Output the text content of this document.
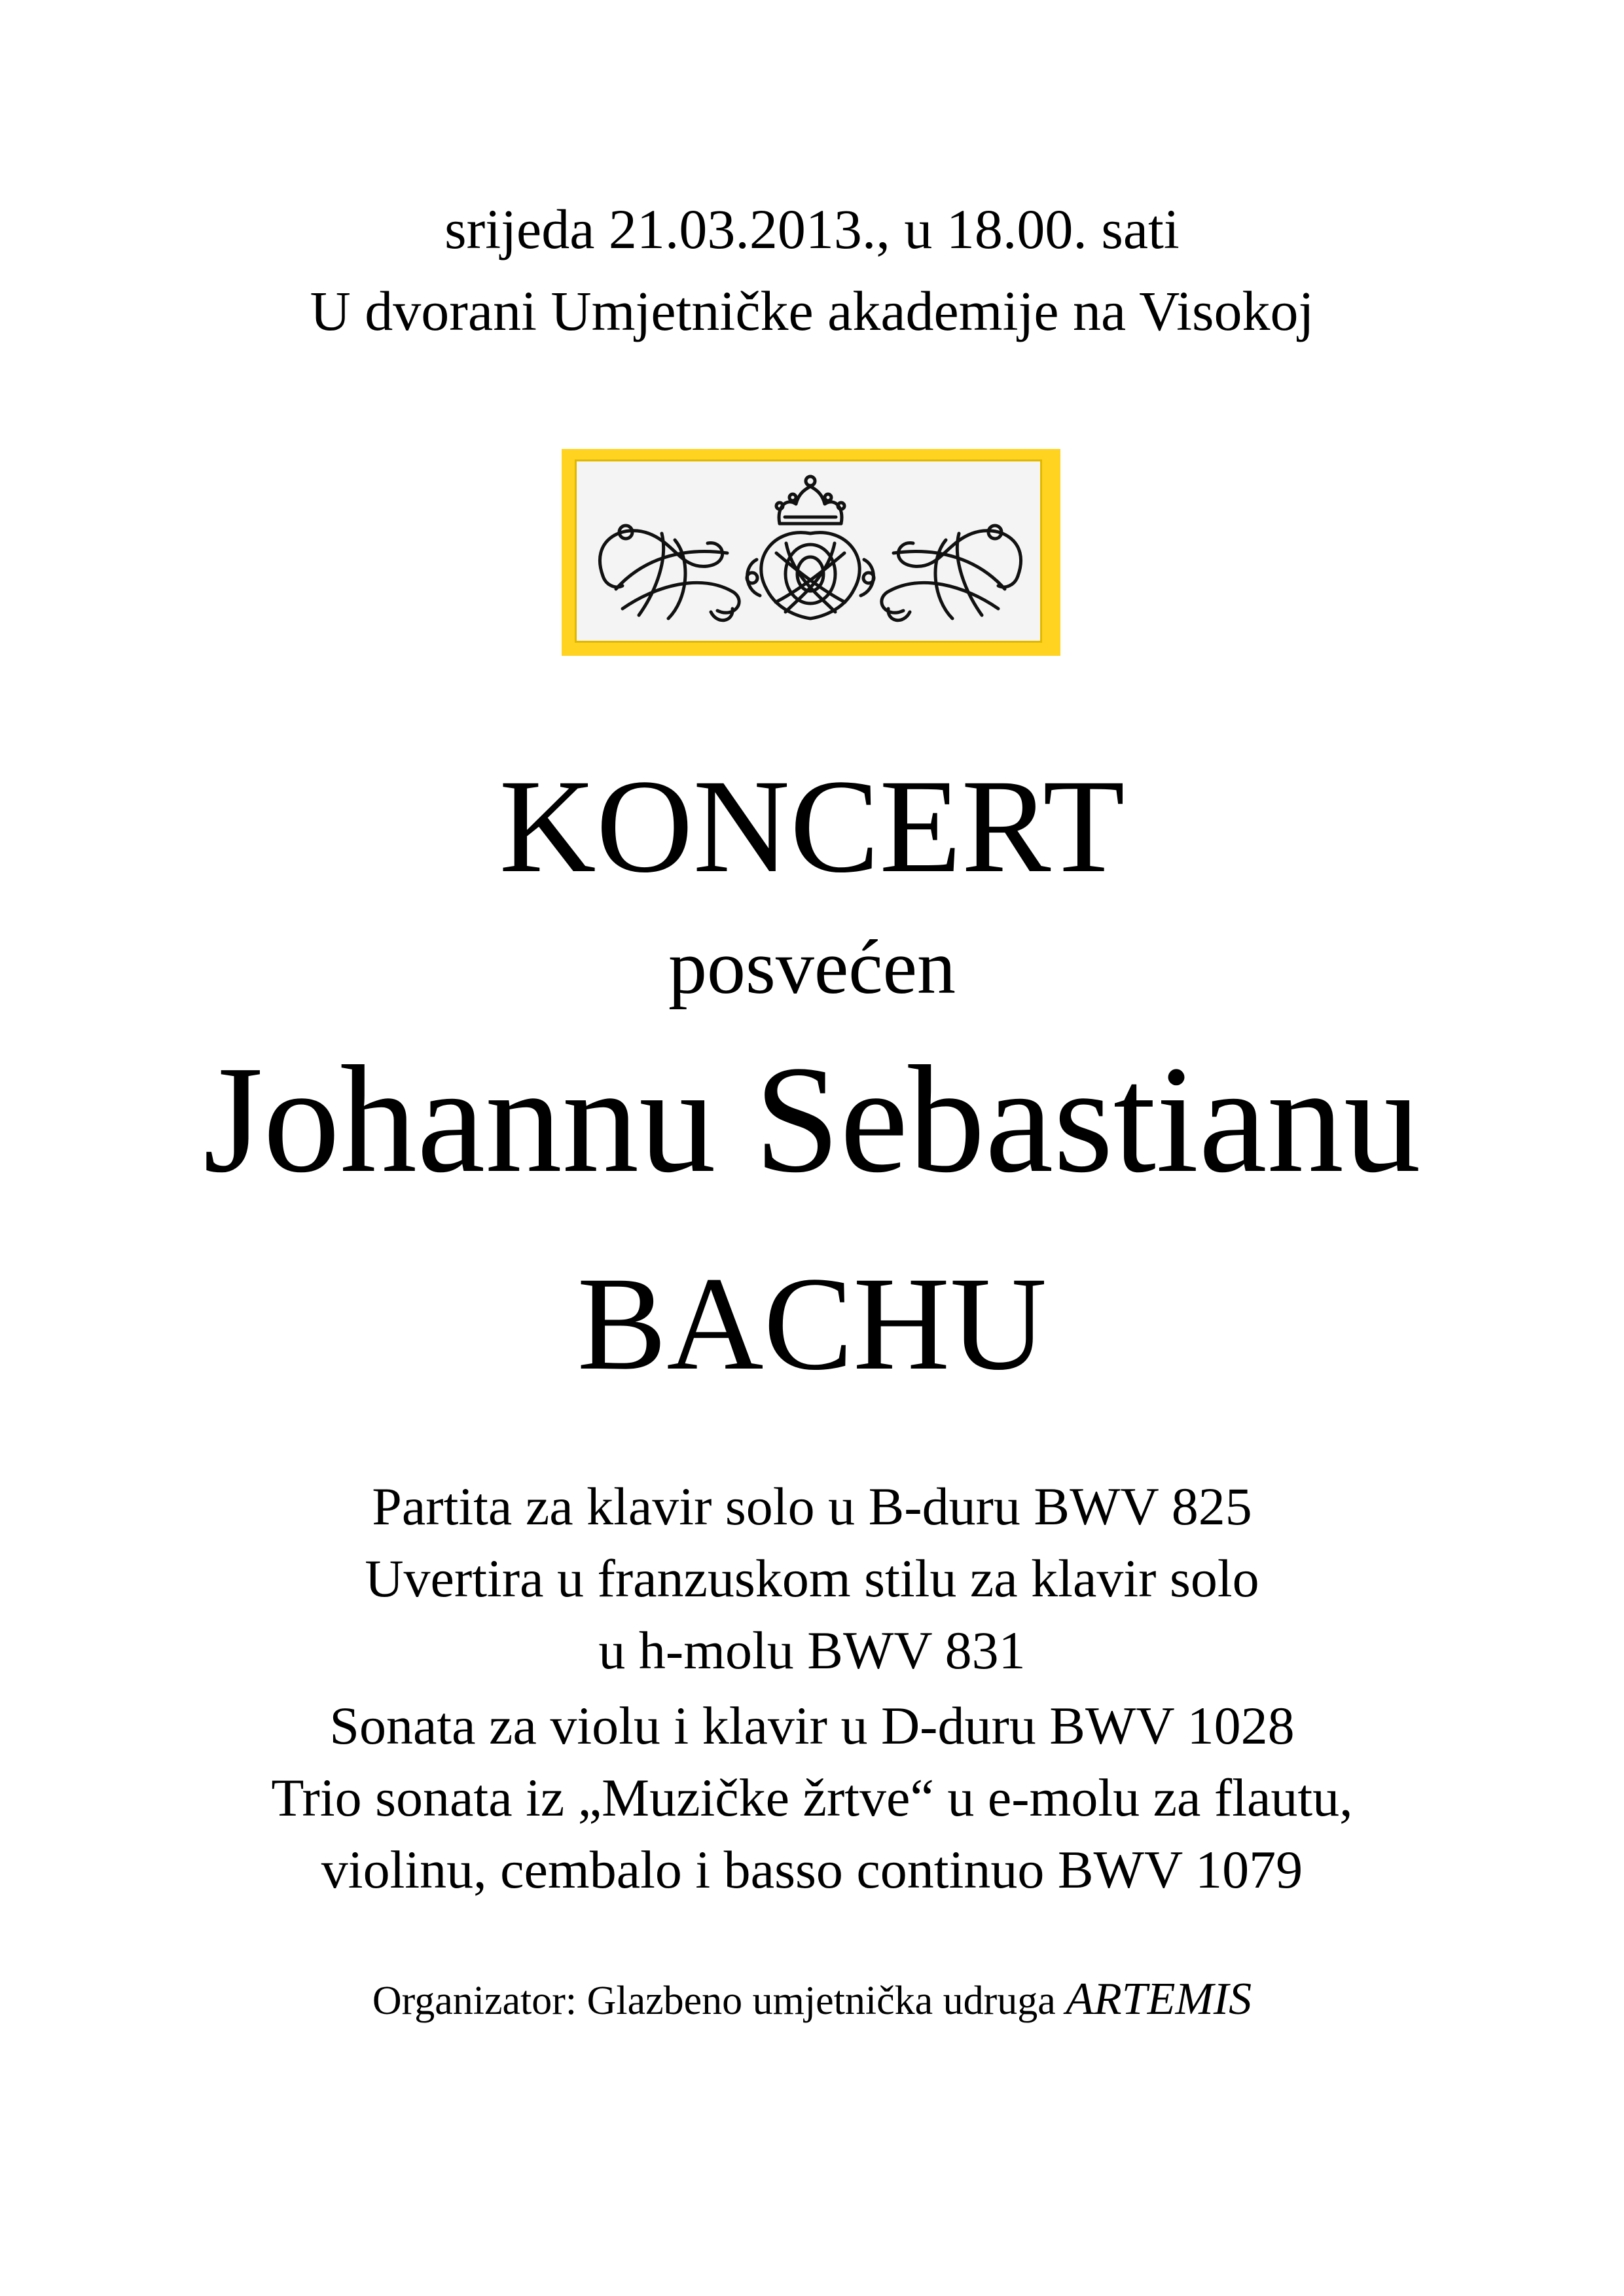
srijeda 21.03.2013., u 18.00. sati
U dvorani Umjetničke akademije na Visokoj
KONCERT
posvećen
Johannu Sebastianu
BACHU
Partita za klavir solo u B-duru BWV 825
Uvertira u franzuskom stilu za klavir solo
u h-molu BWV 831
Sonata za violu i klavir u D-duru BWV 1028
Trio sonata iz „Muzičke žrtve“ u e-molu za flautu,
violinu, cembalo i basso continuo BWV 1079
Organizator: Glazbeno umjetnička udruga ARTEMIS
